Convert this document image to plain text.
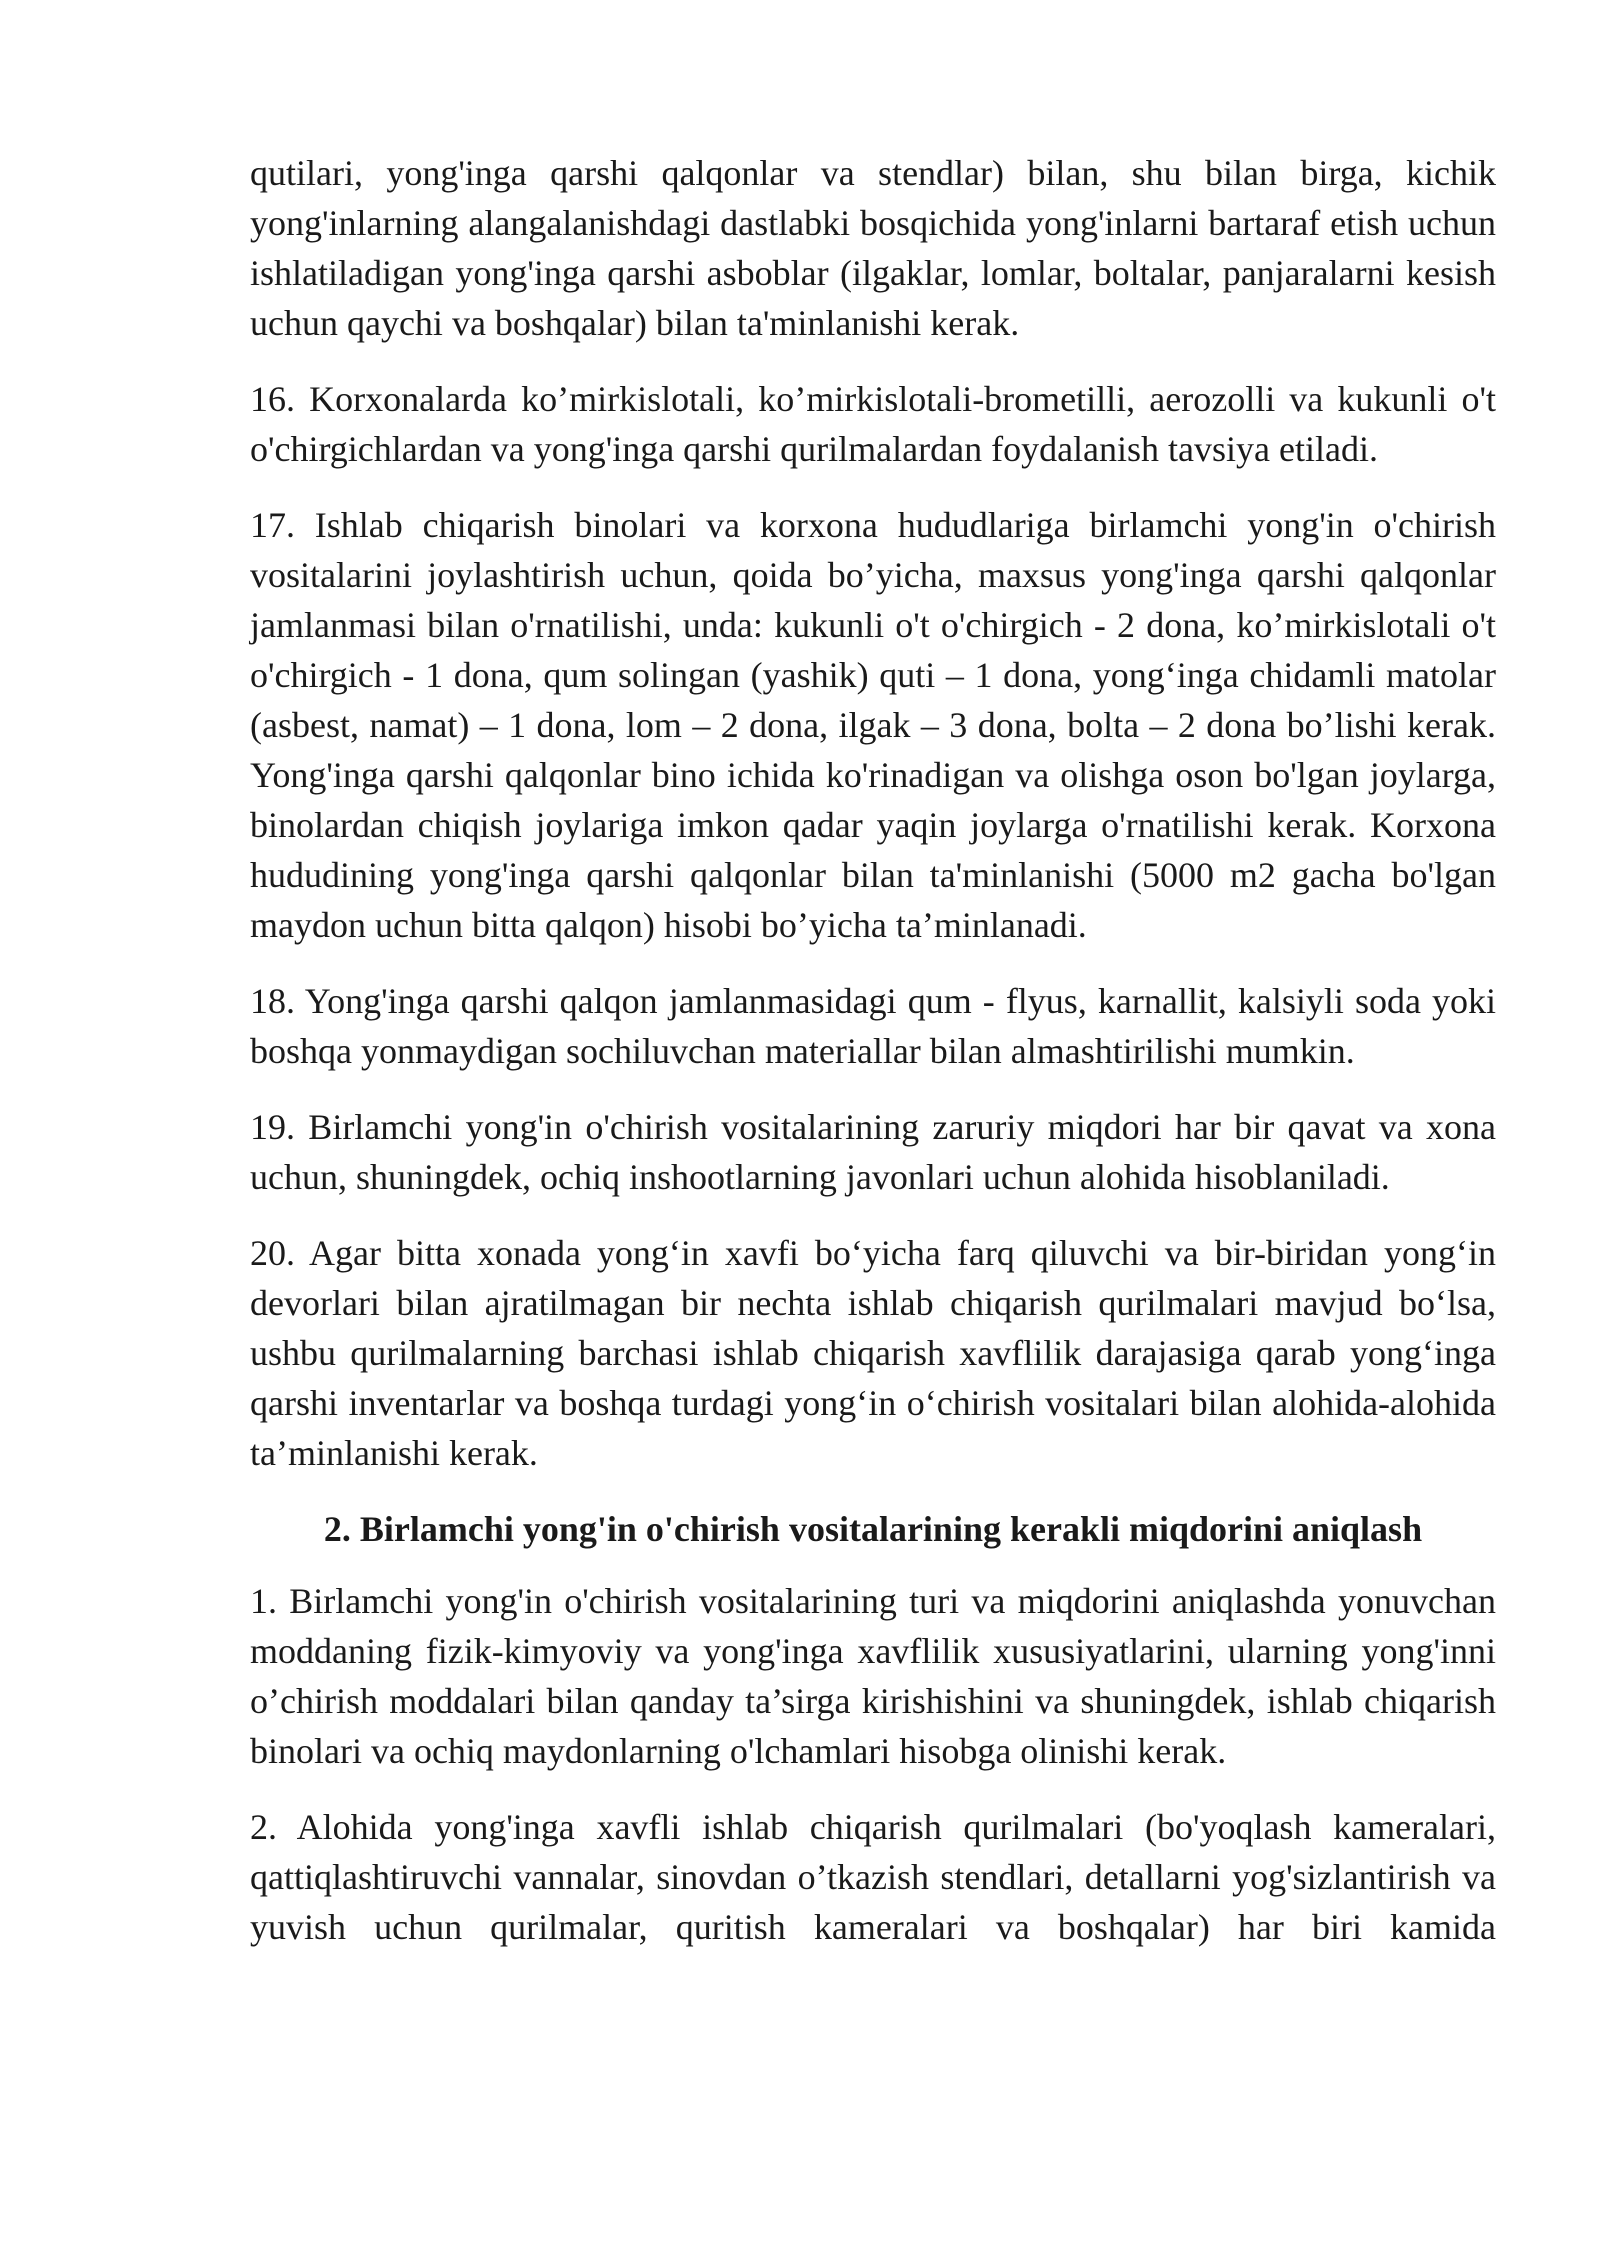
qutilari, yong'inga qarshi qalqonlar va stendlar) bilan, shu bilan birga, kichik yong'inlarning alangalanishdagi dastlabki bosqichida yong'inlarni bartaraf etish uchun ishlatiladigan yong'inga qarshi asboblar (ilgaklar, lomlar, boltalar, panjaralarni kesish uchun qaychi va boshqalar) bilan ta'minlanishi kerak.

16. Korxonalarda ko’mirkislotali, ko’mirkislotali-brometilli, aerozolli va kukunli o't o'chirgichlardan va yong'inga qarshi qurilmalardan foydalanish tavsiya etiladi.

17. Ishlab chiqarish binolari va korxona hududlariga birlamchi yong'in o'chirish vositalarini joylashtirish uchun, qoida bo’yicha, maxsus yong'inga qarshi qalqonlar jamlanmasi bilan o'rnatilishi, unda: kukunli o't o'chirgich - 2 dona, ko’mirkislotali o't o'chirgich - 1 dona, qum solingan (yashik) quti – 1 dona, yong‘inga chidamli matolar (asbest, namat) – 1 dona, lom – 2 dona, ilgak – 3 dona, bolta – 2 dona bo’lishi kerak. Yong'inga qarshi qalqonlar bino ichida ko'rinadigan va olishga oson bo'lgan joylarga, binolardan chiqish joylariga imkon qadar yaqin joylarga o'rnatilishi kerak. Korxona hududining yong'inga qarshi qalqonlar bilan ta'minlanishi (5000 m2 gacha bo'lgan maydon uchun bitta qalqon) hisobi bo’yicha ta’minlanadi.

18. Yong'inga qarshi qalqon jamlanmasidagi qum - flyus, karnallit, kalsiyli soda yoki boshqa yonmaydigan sochiluvchan materiallar bilan almashtirilishi mumkin.

19. Birlamchi yong'in o'chirish vositalarining zaruriy miqdori har bir qavat va xona uchun, shuningdek, ochiq inshootlarning javonlari uchun alohida hisoblaniladi.

20. Agar bitta xonada yong‘in xavfi bo‘yicha farq qiluvchi va bir-biridan yong‘in devorlari bilan ajratilmagan bir nechta ishlab chiqarish qurilmalari mavjud bo‘lsa, ushbu qurilmalarning barchasi ishlab chiqarish xavflilik darajasiga qarab yong‘inga qarshi inventarlar va boshqa turdagi yong‘in o‘chirish vositalari bilan alohida-alohida ta’minlanishi kerak.

2. Birlamchi yong'in o'chirish vositalarining kerakli miqdorini aniqlash

1. Birlamchi yong'in o'chirish vositalarining turi va miqdorini aniqlashda yonuvchan moddaning fizik-kimyoviy va yong'inga xavflilik xususiyatlarini, ularning yong'inni o’chirish moddalari bilan qanday ta’sirga kirishishini va shuningdek, ishlab chiqarish binolari va ochiq maydonlarning o'lchamlari hisobga olinishi kerak.

2. Alohida yong'inga xavfli ishlab chiqarish qurilmalari (bo'yoqlash kameralari, qattiqlashtiruvchi vannalar, sinovdan o’tkazish stendlari, detallarni yog'sizlantirish va yuvish uchun qurilmalar, quritish kameralari va boshqalar) har biri kamida
